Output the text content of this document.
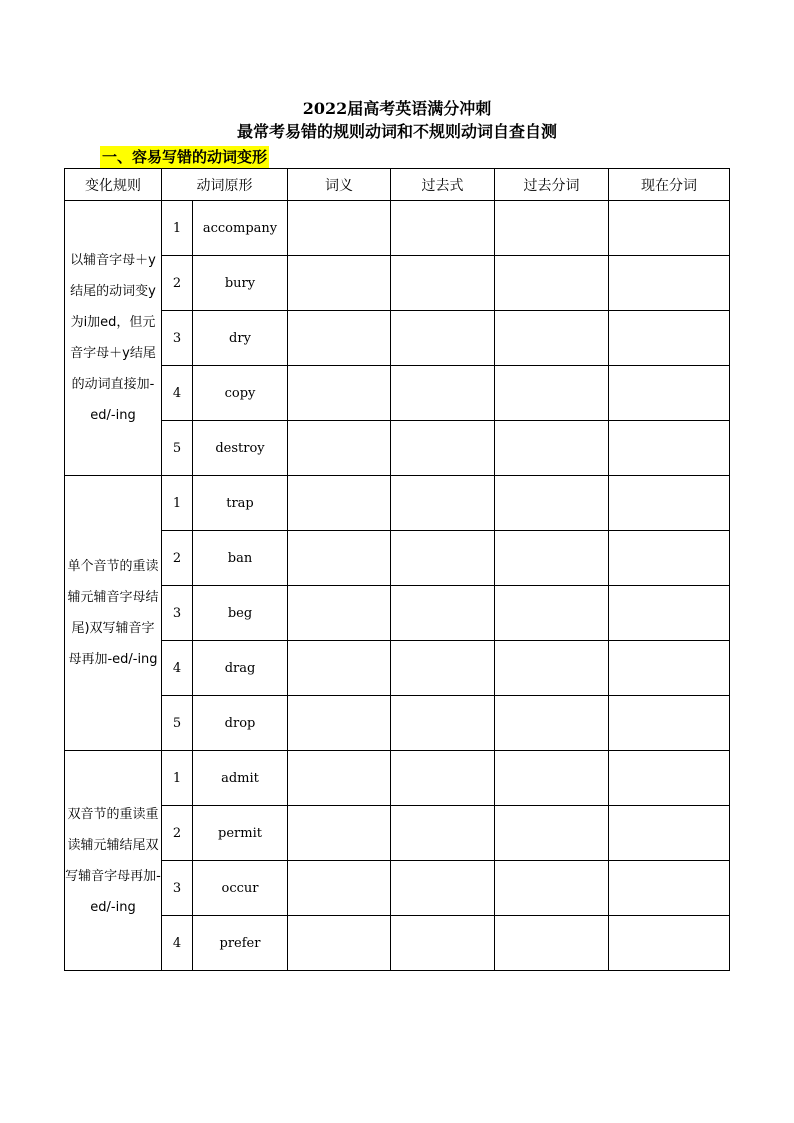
2022届高考英语满分冲刺
最常考易错的规则动词和不规则动词自查自测
一、容易写错的动词变形
变化规则	动词原形		词义	过去式	过去分词	现在分词
以辅音字母＋y结尾的动词变y为i加ed，但元音字母＋y结尾的动词直接加-ed/-ing	1	accompany				
	2	bury				
	3	dry				
	4	copy				
	5	destroy				
单个音节的重读辅元辅音字母结尾)双写辅音字母再加-ed/-ing	1	trap				
	2	ban				
	3	beg				
	4	drag				
	5	drop				
双音节的重读重读辅元辅结尾双写辅音字母再加-ed/-ing	1	admit				
	2	permit				
	3	occur				
	4	prefer				
